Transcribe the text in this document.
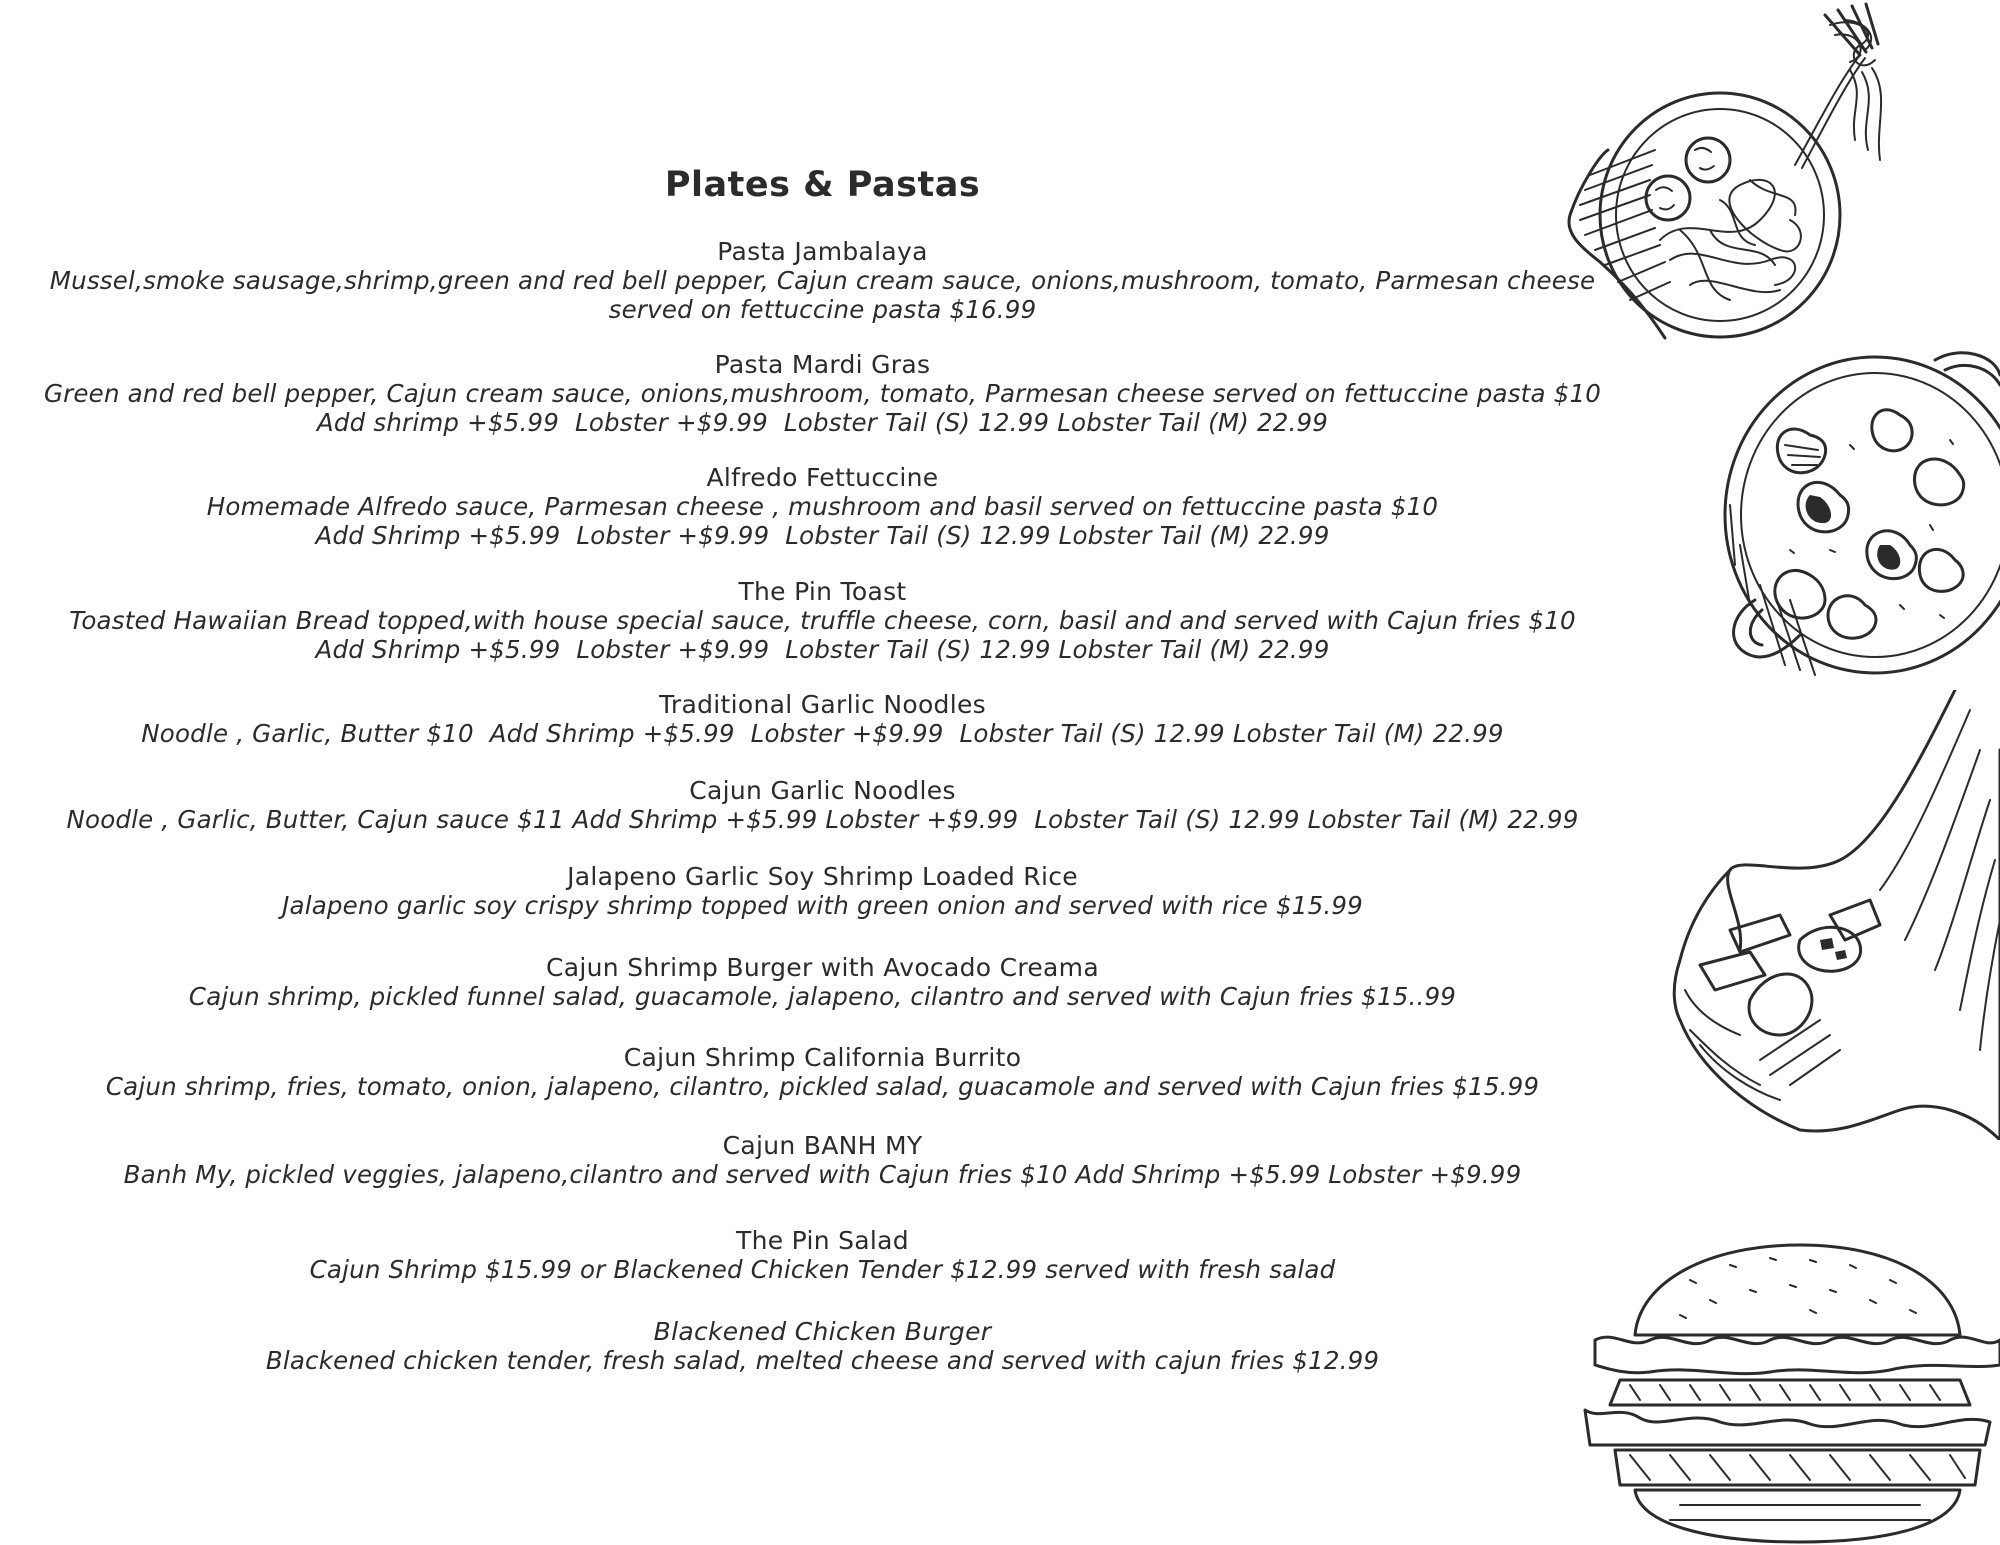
Plates & Pastas
Pasta Jambalaya
Mussel,smoke sausage,shrimp,green and red bell pepper, Cajun cream sauce, onions,mushroom, tomato, Parmesan cheese
served on fettuccine pasta $16.99
Pasta Mardi Gras
Green and red bell pepper, Cajun cream sauce, onions,mushroom, tomato, Parmesan cheese served on fettuccine pasta $10
Add shrimp +$5.99  Lobster +$9.99  Lobster Tail (S) 12.99 Lobster Tail (M) 22.99
Alfredo Fettuccine
Homemade Alfredo sauce, Parmesan cheese , mushroom and basil served on fettuccine pasta $10
Add Shrimp +$5.99  Lobster +$9.99  Lobster Tail (S) 12.99 Lobster Tail (M) 22.99
The Pin Toast
Toasted Hawaiian Bread topped,with house special sauce, truffle cheese, corn, basil and and served with Cajun fries $10
Add Shrimp +$5.99  Lobster +$9.99  Lobster Tail (S) 12.99 Lobster Tail (M) 22.99
Traditional Garlic Noodles
Noodle , Garlic, Butter $10  Add Shrimp +$5.99  Lobster +$9.99  Lobster Tail (S) 12.99 Lobster Tail (M) 22.99
Cajun Garlic Noodles
Noodle , Garlic, Butter, Cajun sauce $11 Add Shrimp +$5.99 Lobster +$9.99  Lobster Tail (S) 12.99 Lobster Tail (M) 22.99
Jalapeno Garlic Soy Shrimp Loaded Rice
Jalapeno garlic soy crispy shrimp topped with green onion and served with rice $15.99
Cajun Shrimp Burger with Avocado Creama
Cajun shrimp, pickled funnel salad, guacamole, jalapeno, cilantro and served with Cajun fries $15..99
Cajun Shrimp California Burrito
Cajun shrimp, fries, tomato, onion, jalapeno, cilantro, pickled salad, guacamole and served with Cajun fries $15.99
Cajun BANH MY
Banh My, pickled veggies, jalapeno,cilantro and served with Cajun fries $10 Add Shrimp +$5.99 Lobster +$9.99
The Pin Salad
Cajun Shrimp $15.99 or Blackened Chicken Tender $12.99 served with fresh salad
Blackened Chicken Burger
Blackened chicken tender, fresh salad, melted cheese and served with cajun fries $12.99
